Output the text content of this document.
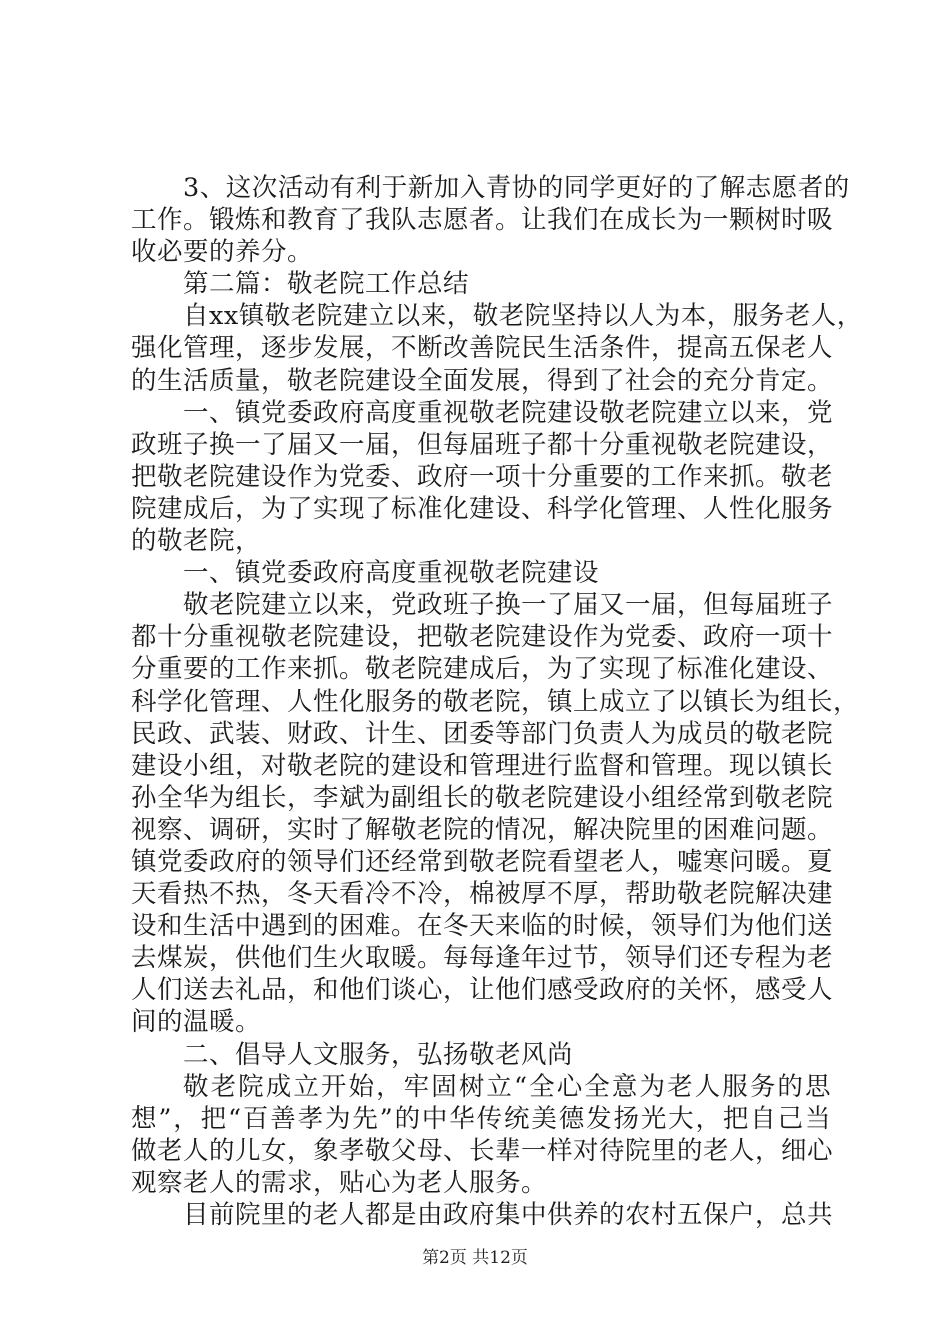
3、这次活动有利于新加入青协的同学更好的了解志愿者的
工作。锻炼和教育了我队志愿者。让我们在成长为一颗树时吸
收必要的养分。
第二篇：敬老院工作总结
自xx镇敬老院建立以来，敬老院坚持以人为本，服务老人，
强化管理，逐步发展，不断改善院民生活条件，提高五保老人
的生活质量，敬老院建设全面发展，得到了社会的充分肯定。
一、镇党委政府高度重视敬老院建设敬老院建立以来，党
政班子换一了届又一届，但每届班子都十分重视敬老院建设，
把敬老院建设作为党委、政府一项十分重要的工作来抓。敬老
院建成后，为了实现了标准化建设、科学化管理、人性化服务
的敬老院，
一、镇党委政府高度重视敬老院建设
敬老院建立以来，党政班子换一了届又一届，但每届班子
都十分重视敬老院建设，把敬老院建设作为党委、政府一项十
分重要的工作来抓。敬老院建成后，为了实现了标准化建设、
科学化管理、人性化服务的敬老院，镇上成立了以镇长为组长，
民政、武装、财政、计生、团委等部门负责人为成员的敬老院
建设小组，对敬老院的建设和管理进行监督和管理。现以镇长
孙全华为组长，李斌为副组长的敬老院建设小组经常到敬老院
视察、调研，实时了解敬老院的情况，解决院里的困难问题。
镇党委政府的领导们还经常到敬老院看望老人，嘘寒问暖。夏
天看热不热，冬天看冷不冷，棉被厚不厚，帮助敬老院解决建
设和生活中遇到的困难。在冬天来临的时候，领导们为他们送
去煤炭，供他们生火取暖。每每逢年过节，领导们还专程为老
人们送去礼品，和他们谈心，让他们感受政府的关怀，感受人
间的温暖。
二、倡导人文服务，弘扬敬老风尚
敬老院成立开始，牢固树立“全心全意为老人服务的思
想”，把“百善孝为先”的中华传统美德发扬光大，把自己当
做老人的儿女，象孝敬父母、长辈一样对待院里的老人，细心
观察老人的需求，贴心为老人服务。
目前院里的老人都是由政府集中供养的农村五保户，总共
第2页 共12页
